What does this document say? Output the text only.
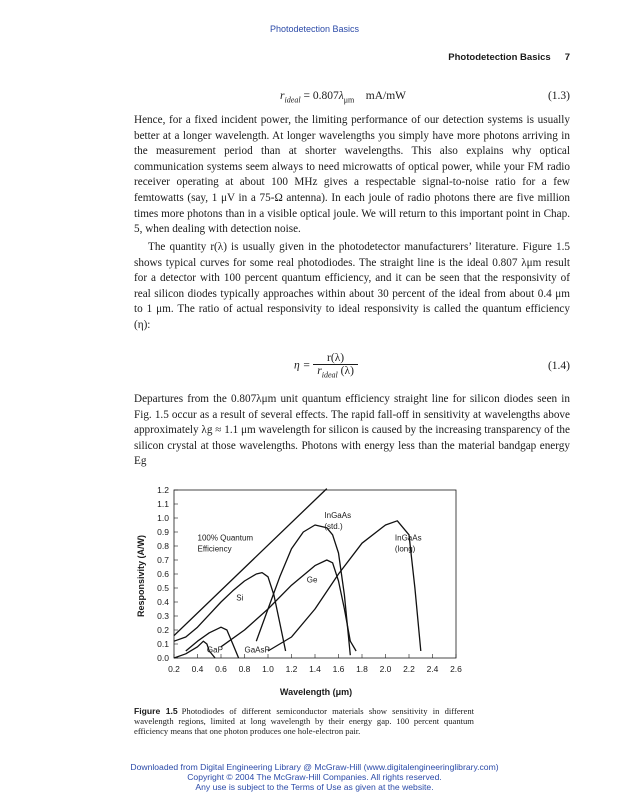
Photodetection Basics
Photodetection Basics 7
$r_{ideal} = 0.807\lambda_{\mu m}$ mA/mW	(1.3)

Hence, for a fixed incident power, the limiting performance of our detection systems is usually better at a longer wavelength. At longer wavelengths you simply have more photons arriving in the measurement period than at shorter wavelengths. This also explains why optical communication systems seem always to need microwatts of optical power, while your FM radio receiver operating at about 100 MHz gives a respectable signal-to-noise ratio for a few femtowatts (say, 1 μV in a 75-Ω antenna). In each joule of radio photons there are five million times more photons than in a visible optical joule. We will return to this important point in Chap. 5, when dealing with detection noise.

The quantity r(λ) is usually given in the photodetector manufacturers’ literature. Figure 1.5 shows typical curves for some real photodiodes. The straight line is the ideal 0.807 λμm result for a detector with 100 percent quantum efficiency, and it can be seen that the responsivity of real silicon diodes typically approaches within about 30 percent of the ideal from about 0.4 μm to 1 μm. The ratio of actual responsivity to ideal responsivity is called the quantum efficiency (η):

$\eta = \frac{r(\lambda)}{r_{ideal} (\lambda)}$	(1.4)

Departures from the 0.807λμm unit quantum efficiency straight line for silicon diodes seen in Fig. 1.5 occur as a result of several effects. The rapid fall-off in sensitivity at wavelengths above approximately λg ≈ 1.1 μm wavelength for silicon is caused by the increasing transparency of the silicon crystal at those wavelengths. Photons with energy less than the material bandgap energy Eg

100% Quantum
Efficiency
InGaAs
(std.)
InGaAs
(long)
Ge
Si
GaP	GaAsP
0.0
0.1
0.2
0.3
0.4
0.5
0.6
0.7
0.8
0.9
1.0
1.1
1.2
0.2 0.4 0.6 0.8 1.0 1.2 1.4 1.6 1.8 2.0 2.2 2.4 2.6
Wavelength (μm)
Responsivity (A/W)

Figure 1.5 Photodiodes of different semiconductor materials show sensitivity in different wavelength regions, limited at long wavelength by their energy gap. 100 percent quantum efficiency means that one photon produces one hole-electron pair.

Downloaded from Digital Engineering Library @ McGraw-Hill (www.digitalengineeringlibrary.com)
Copyright © 2004 The McGraw-Hill Companies. All rights reserved.
Any use is subject to the Terms of Use as given at the website.
